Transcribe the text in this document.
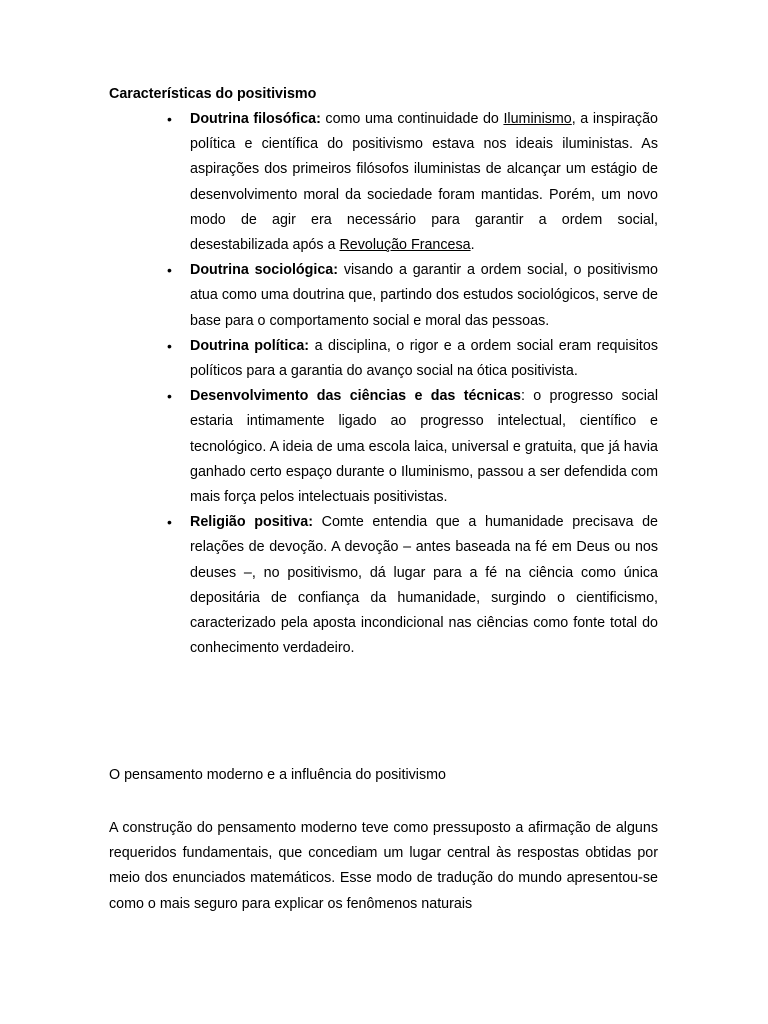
Características do positivismo
• Doutrina filosófica: como uma continuidade do Iluminismo, a inspiração política e científica do positivismo estava nos ideais iluministas. As aspirações dos primeiros filósofos iluministas de alcançar um estágio de desenvolvimento moral da sociedade foram mantidas. Porém, um novo modo de agir era necessário para garantir a ordem social, desestabilizada após a Revolução Francesa.
• Doutrina sociológica: visando a garantir a ordem social, o positivismo atua como uma doutrina que, partindo dos estudos sociológicos, serve de base para o comportamento social e moral das pessoas.
• Doutrina política: a disciplina, o rigor e a ordem social eram requisitos políticos para a garantia do avanço social na ótica positivista.
• Desenvolvimento das ciências e das técnicas: o progresso social estaria intimamente ligado ao progresso intelectual, científico e tecnológico. A ideia de uma escola laica, universal e gratuita, que já havia ganhado certo espaço durante o Iluminismo, passou a ser defendida com mais força pelos intelectuais positivistas.
• Religião positiva: Comte entendia que a humanidade precisava de relações de devoção. A devoção – antes baseada na fé em Deus ou nos deuses –, no positivismo, dá lugar para a fé na ciência como única depositária de confiança da humanidade, surgindo o cientificismo, caracterizado pela aposta incondicional nas ciências como fonte total do conhecimento verdadeiro.
O pensamento moderno e a influência do positivismo

A construção do pensamento moderno teve como pressuposto a afirmação de alguns requeridos fundamentais, que concediam um lugar central às respostas obtidas por meio dos enunciados matemáticos. Esse modo de tradução do mundo apresentou-se como o mais seguro para explicar os fenômenos naturais
